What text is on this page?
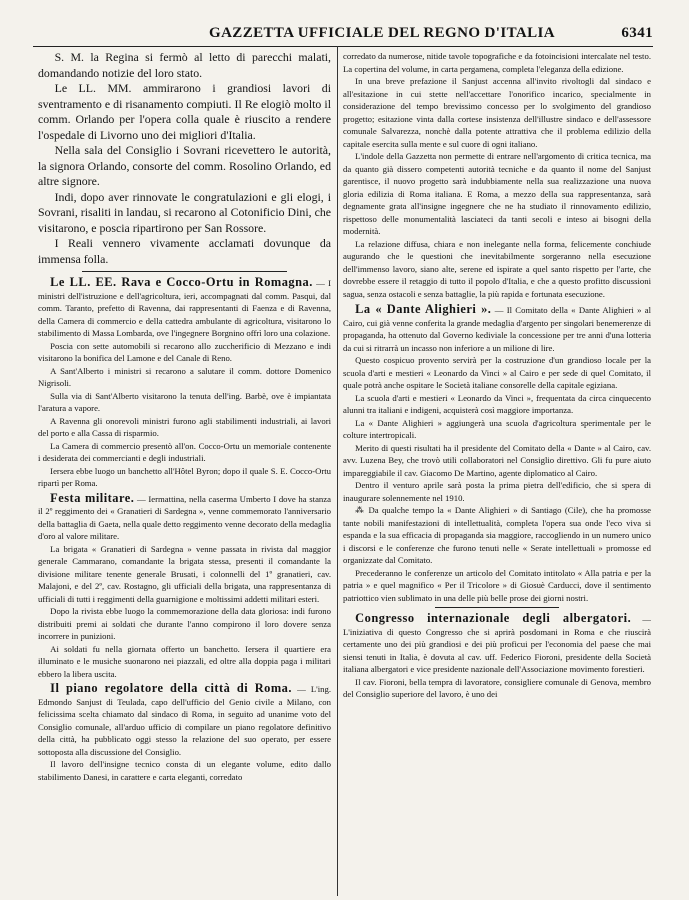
GAZZETTA UFFICIALE DEL REGNO D'ITALIA	6341

S. M. la Regina si fermò al letto di parecchi malati, domandando notizie del loro stato.

Le LL. MM. ammirarono i grandiosi lavori di sventramento e di risanamento compiuti. Il Re elogiò molto il comm. Orlando per l'opera colla quale è riuscito a rendere l'ospedale di Livorno uno dei migliori d'Italia.

Nella sala del Consiglio i Sovrani ricevettero le autorità, la signora Orlando, consorte del comm. Rosolino Orlando, ed altre signore.

Indi, dopo aver rinnovate le congratulazioni e gli elogi, i Sovrani, risaliti in landau, si recarono al Cotonificio Dini, che visitarono, e poscia ripartirono per San Rossore.

I Reali vennero vivamente acclamati dovunque da immensa folla.

Le LL. EE. Rava e Cocco-Ortu in Romagna. — I ministri dell'istruzione e dell'agricoltura, ieri, accompagnati dal comm. Pasqui, dal comm. Taranto, prefetto di Ravenna, dai rappresentanti di Faenza e di Ravenna, della Camera di commercio e della cattedra ambulante di agricoltura, visitarono lo stabilimento di Massa Lombarda, ove l'ingegnere Borgnino offrì loro una colazione.

Poscia con sette automobili si recarono allo zuccherificio di Mezzano e indi visitarono la bonifica del Lamone e del Canale di Reno.

A Sant'Alberto i ministri si recarono a salutare il comm. dottore Domenico Nigrisoli.

Sulla via di Sant'Alberto visitarono la tenuta dell'ing. Barbè, ove è impiantata l'aratura a vapore.

A Ravenna gli onorevoli ministri furono agli stabilimenti industriali, ai lavori del porto e alla Cassa di risparmio.

La Camera di commercio presentò all'on. Cocco-Ortu un memoriale contenente i desiderata dei commercianti e degli industriali.

Iersera ebbe luogo un banchetto all'Hôtel Byron; dopo il quale S. E. Cocco-Ortu ripartì per Roma.

Festa militare. — Iermattina, nella caserma Umberto I dove ha stanza il 2º reggimento dei « Granatieri di Sardegna », venne commemorato l'anniversario della battaglia di Gaeta, nella quale detto reggimento venne decorato della medaglia d'oro al valore militare.

La brigata « Granatieri di Sardegna » venne passata in rivista dal maggior generale Cammarano, comandante la brigata stessa, presenti il comandante la divisione militare tenente generale Brusati, i colonnelli del 1º granatieri, cav. Malajoni, e del 2º, cav. Rostagno, gli ufficiali della brigata, una rappresentanza di ufficiali di tutti i reggimenti della guarnigione e moltissimi addetti militari esteri.

Dopo la rivista ebbe luogo la commemorazione della data gloriosa: indi furono distribuiti premi ai soldati che durante l'anno compirono il loro dovere senza incorrere in punizioni.

Ai soldati fu nella giornata offerto un banchetto. Iersera il quartiere era illuminato e le musiche suonarono nei piazzali, ed oltre alla doppia paga i militari ebbero la libera uscita.

Il piano regolatore della città di Roma. — L'ing. Edmondo Sanjust di Teulada, capo dell'ufficio del Genio civile a Milano, con felicissima scelta chiamato dal sindaco di Roma, in seguito ad unanime voto del Consiglio comunale, all'arduo ufficio di compilare un piano regolatore definitivo della città, ha pubblicato oggi stesso la relazione del suo operato, per essere sottoposta alla discussione del Consiglio.

Il lavoro dell'insigne tecnico consta di un elegante volume, edito dallo stabilimento Danesi, in carattere e carta eleganti, corredato

corredato da numerose, nitide tavole topografiche e da fotoincisioni intercalate nel testo. La copertina del volume, in carta pergamena, completa l'eleganza della edizione.

In una breve prefazione il Sanjust accenna all'invito rivoltogli dal sindaco e all'esitazione in cui stette nell'accettare l'onorifico incarico, specialmente in considerazione del tempo brevissimo concesso per lo svolgimento del grandioso progetto; esitazione vinta dalla cortese insistenza dell'illustre sindaco e dell'assessore comunale Salvarezza, nonchè dalla potente attrattiva che il problema edilizio della capitale esercita sulla mente e sul cuore di ogni italiano.

L'indole della Gazzetta non permette di entrare nell'argomento di critica tecnica, ma da quanto già dissero competenti autorità tecniche e da quanto il nome del Sanjust garentisce, il nuovo progetto sarà indubbiamente nella sua realizzazione una nuova gloria edilizia di Roma italiana. E Roma, a mezzo della sua rappresentanza, sarà degnamente grata all'insigne ingegnere che ne ha studiato il rinnovamento edilizio, rispettoso delle monumentalità lasciateci da tanti secoli e inteso ai bisogni della modernità.

La relazione diffusa, chiara e non inelegante nella forma, felicemente conchiude augurando che le questioni che inevitabilmente sorgeranno nella esecuzione dell'immenso lavoro, siano alte, serene ed ispirate a quel santo rispetto per l'arte, che dovrebbe essere il retaggio di tutto il popolo d'Italia, e che a questo profitto discussioni sagua, senza ostacoli e senza battaglie, la più rapida e fortunata esecuzione.

La « Dante Alighieri ». — Il Comitato della « Dante Alighieri » al Cairo, cui già venne conferita la grande medaglia d'argento per singolari benemerenze di propaganda, ha ottenuto dal Governo kediviale la concessione per tre anni d'una lotteria da cui si ritrarrà un incasso non inferiore a un milione di lire.

Questo cospicuo provento servirà per la costruzione d'un grandioso locale per la scuola d'arti e mestieri « Leonardo da Vinci » al Cairo e per sede di quel Comitato, il quale potrà anche ospitare le Società italiane consorelle della capitale egiziana.

La scuola d'arti e mestieri « Leonardo da Vinci », frequentata da circa cinquecento alunni tra italiani e indigeni, acquisterà così maggiore importanza.

La « Dante Alighieri » aggiungerà una scuola d'agricoltura sperimentale per le colture intertropicali.

Merito di questi risultati ha il presidente del Comitato della « Dante » al Cairo, cav. avv. Luzena Bey, che trovò utili collaboratori nel Consiglio direttivo. Gli fu pure aiuto impareggiabile il cav. Giacomo De Martino, agente diplomatico al Cairo.

Dentro il venturo aprile sarà posta la prima pietra dell'edificio, che si spera di inaugurare solennemente nel 1910.

⁂ Da qualche tempo la « Dante Alighieri » di Santiago (Cile), che ha promosse tante nobili manifestazioni di intellettualità, completa l'opera sua onde l'eco viva si espanda e la sua efficacia di propaganda sia maggiore, raccogliendo in un numero unico i discorsi e le conferenze che furono tenuti nelle « Serate intellettuali » promosse ed organizzate dal Comitato.

Precederanno le conferenze un articolo del Comitato intitolato « Alla patria e per la patria » e quel magnifico « Per il Tricolore » di Giosuè Carducci, dove il sentimento patriottico vien sublimato in una delle più belle prose dei giorni nostri.

Congresso internazionale degli albergatori. — L'iniziativa di questo Congresso che si aprirà posdomani in Roma e che riuscirà certamente uno dei più grandiosi e dei più proficui per l'economia del paese che mai siensi tenuti in Italia, è dovuta al cav. uff. Federico Fioroni, presidente della Società italiana albergatori e vice presidente nazionale dell'Associazione movimento forestieri.

Il cav. Fioroni, bella tempra di lavoratore, consigliere comunale di Genova, membro del Consiglio superiore del lavoro, è uno dei
